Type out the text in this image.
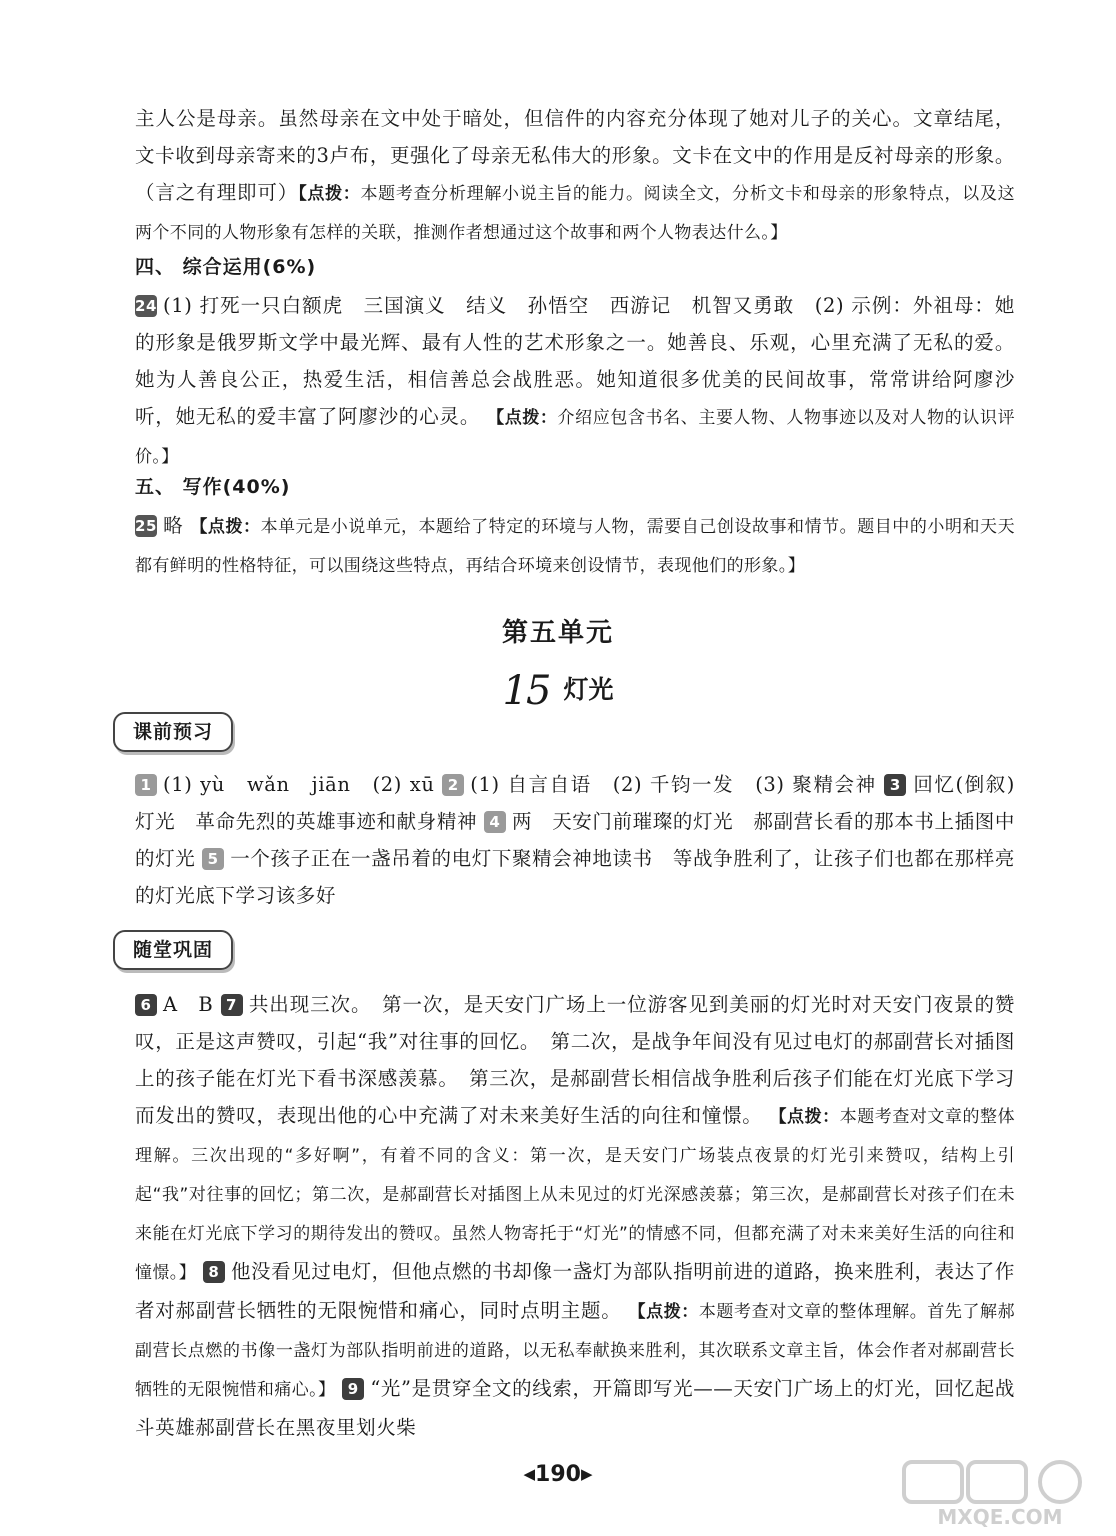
主人公是母亲。虽然母亲在文中处于暗处，但信件的内容充分体现了她对儿子的关心。文章结尾，文卡收到母亲寄来的3卢布，更强化了母亲无私伟大的形象。文卡在文中的作用是反衬母亲的形象。（言之有理即可）【点拨：本题考查分析理解小说主旨的能力。阅读全文，分析文卡和母亲的形象特点，以及这两个不同的人物形象有怎样的关联，推测作者想通过这个故事和两个人物表达什么。】
四、 综合运用(6%)
24 (1) 打死一只白额虎　三国演义　结义　孙悟空　西游记　机智又勇敢　(2) 示例：外祖母：她的形象是俄罗斯文学中最光辉、最有人性的艺术形象之一。她善良、乐观，心里充满了无私的爱。她为人善良公正，热爱生活，相信善总会战胜恶。她知道很多优美的民间故事，常常讲给阿廖沙听，她无私的爱丰富了阿廖沙的心灵。 【点拨：介绍应包含书名、主要人物、人物事迹以及对人物的认识评价。】
五、 写作(40%)
25 略 【点拨：本单元是小说单元，本题给了特定的环境与人物，需要自己创设故事和情节。题目中的小明和天天都有鲜明的性格特征，可以围绕这些特点，再结合环境来创设情节，表现他们的形象。】
第五单元
15 灯光
课前预习
1 (1) yù　wǎn　jiān　(2) xū 2 (1) 自言自语　(2) 千钧一发　(3) 聚精会神 3 回忆(倒叙)　灯光　革命先烈的英雄事迹和献身精神 4 两　天安门前璀璨的灯光　郝副营长看的那本书上插图中的灯光 5 一个孩子正在一盏吊着的电灯下聚精会神地读书　等战争胜利了，让孩子们也都在那样亮的灯光底下学习该多好
随堂巩固
6 A　B 7 共出现三次。　第一次，是天安门广场上一位游客见到美丽的灯光时对天安门夜景的赞叹，正是这声赞叹，引起“我”对往事的回忆。　第二次，是战争年间没有见过电灯的郝副营长对插图上的孩子能在灯光下看书深感羡慕。　第三次，是郝副营长相信战争胜利后孩子们能在灯光底下学习而发出的赞叹，表现出他的心中充满了对未来美好生活的向往和憧憬。 【点拨：本题考查对文章的整体理解。三次出现的“多好啊”，有着不同的含义：第一次，是天安门广场装点夜景的灯光引来赞叹，结构上引起“我”对往事的回忆；第二次，是郝副营长对插图上从未见过的灯光深感羡慕；第三次，是郝副营长对孩子们在未来能在灯光底下学习的期待发出的赞叹。虽然人物寄托于“灯光”的情感不同，但都充满了对未来美好生活的向往和憧憬。】 8 他没看见过电灯，但他点燃的书却像一盏灯为部队指明前进的道路，换来胜利，表达了作者对郝副营长牺牲的无限惋惜和痛心，同时点明主题。 【点拨：本题考查对文章的整体理解。首先了解郝副营长点燃的书像一盏灯为部队指明前进的道路，以无私奉献换来胜利，其次联系文章主旨，体会作者对郝副营长牺牲的无限惋惜和痛心。】 9 “光”是贯穿全文的线索，开篇即写光——天安门广场上的灯光，回忆起战斗英雄郝副营长在黑夜里划火柴
◀190▶
MXQE.COM
